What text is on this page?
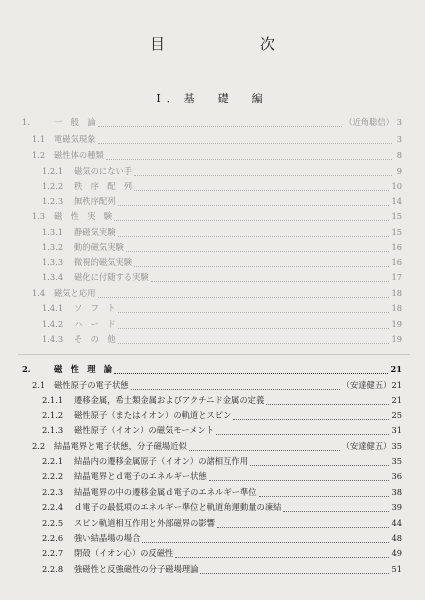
目　次
I．基　礎　編
1.	一　般　論	（近角聡信） 3
1.1	電磁気現象	3
1.2	磁性体の種類	8
1.2.1	磁気のにない手	9
1.2.2	秩　序　配　列	10
1.2.3	無秩序配列	14
1.3	磁　性　実　験	15
1.3.1	静磁気実験	15
1.3.2	動的磁気実験	16
1.3.3	微視的磁気実験	16
1.3.4	磁化に付随する実験	17
1.4	磁気と応用	18
1.4.1	ソ　フ　ト	18
1.4.2	ハ　ー　ド	19
1.4.3	そ　の　他	19
2.	磁　性　理　論	21
2.1	磁性原子の電子状態	（安達健五） 21
2.1.1	遷移金属，希土類金属およびアクチニド金属の定義	21
2.1.2	磁性原子（またはイオン）の軌道とスピン	25
2.1.3	磁性原子（イオン）の磁気モーメント	31
2.2	結晶電界と電子状態，分子磁場近似	（安達健五） 35
2.2.1	結晶内の遷移金属原子（イオン）の諸相互作用	35
2.2.2	結晶電界とｄ電子のエネルギー状態	36
2.2.3	結晶電界の中の遷移金属ｄ電子のエネルギー準位	38
2.2.4	ｄ電子の最低項のエネルギー準位と軌道角運動量の凍結	39
2.2.5	スピン軌道相互作用と外部磁界の影響	44
2.2.6	強い結晶場の場合	48
2.2.7	閉殻（イオン心）の反磁性	49
2.2.8	強磁性と反強磁性の分子磁場理論	51
